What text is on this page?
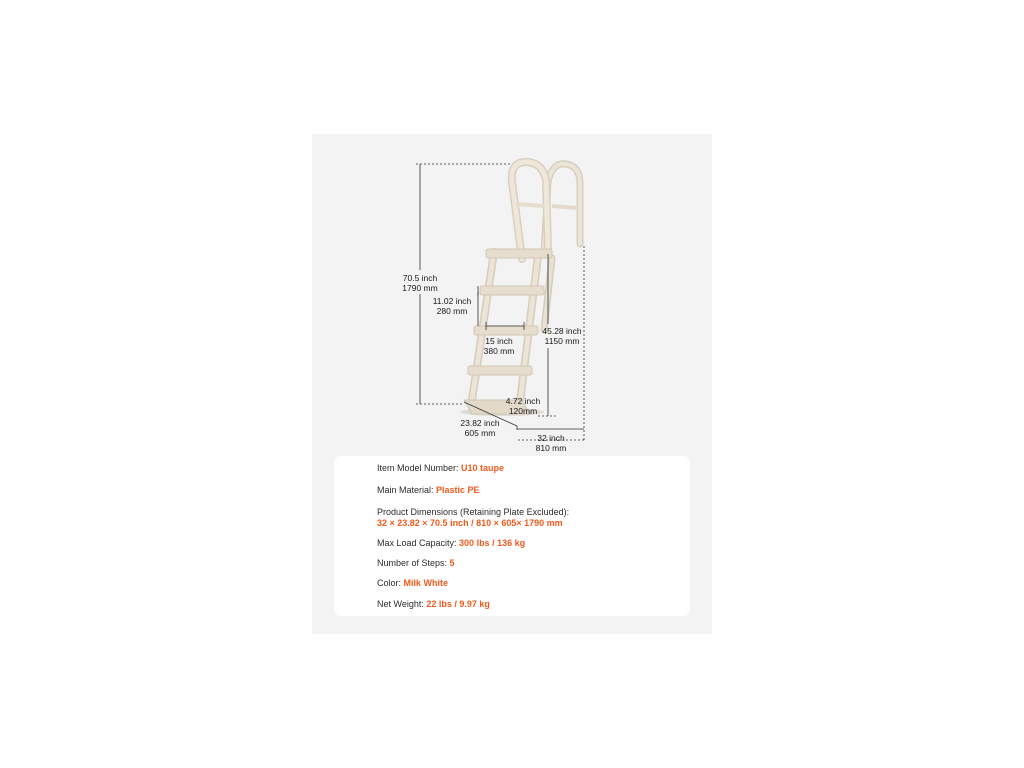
70.5 inch
1790 mm
11.02 inch
280 mm
15 inch
380 mm
45.28 inch
1150 mm
4.72 inch
120mm
23.82 inch
605 mm	32 inch
810 mm
Item Model Number: U10 taupe
Main Material: Plastic PE
Product Dimensions (Retaining Plate Excluded):
32 × 23.82 × 70.5 inch / 810 × 605× 1790 mm
Max Load Capacity: 300 lbs / 136 kg
Number of Steps: 5
Color: Milk White
Net Weight: 22 lbs / 9.97 kg
